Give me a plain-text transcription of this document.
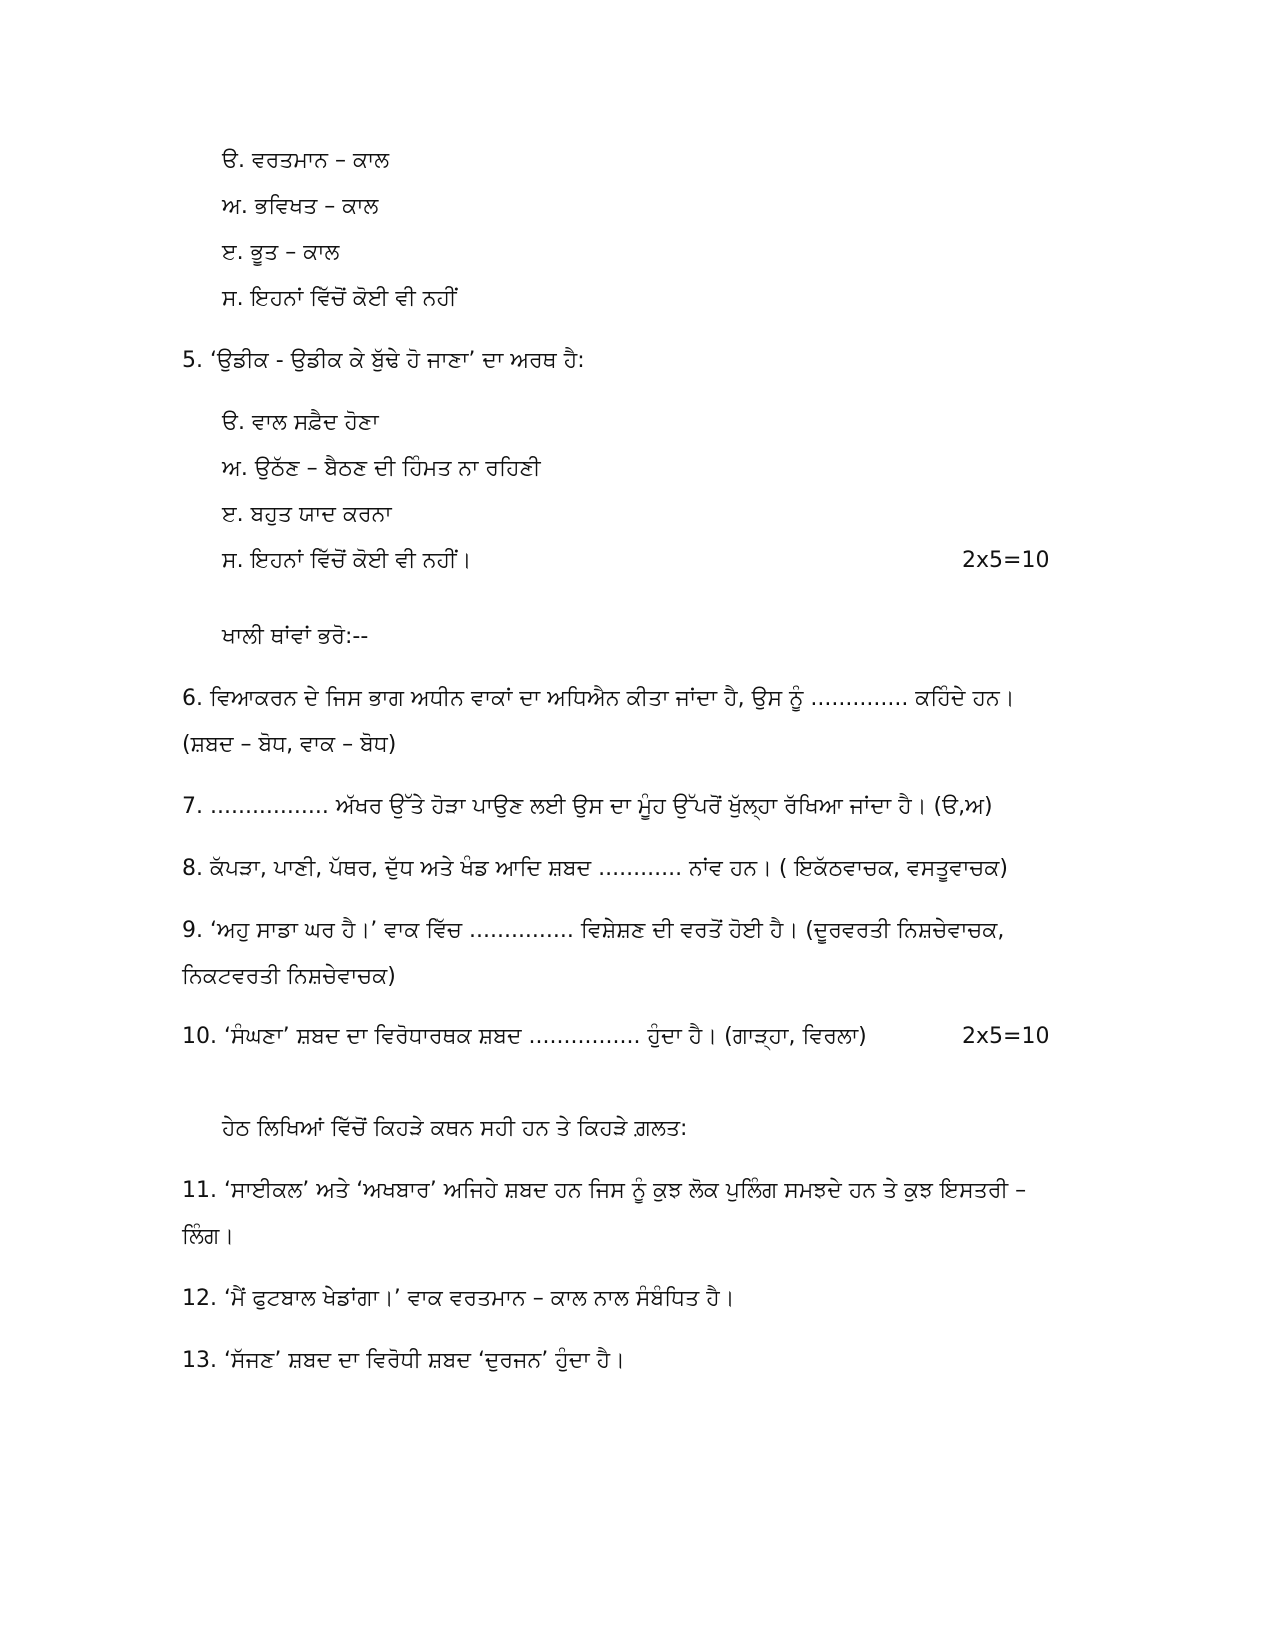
ੳ. ਵਰਤਮਾਨ – ਕਾਲ
ਅ. ਭਵਿਖਤ – ਕਾਲ
ੲ. ਭੂਤ – ਕਾਲ
ਸ. ਇਹਨਾਂ ਵਿੱਚੋਂ ਕੋਈ ਵੀ ਨਹੀਂ
5. ‘ਉਡੀਕ - ਉਡੀਕ ਕੇ ਬੁੱਢੇ ਹੋ ਜਾਣਾ’ ਦਾ ਅਰਥ ਹੈ:
ੳ. ਵਾਲ ਸਫ਼ੈਦ ਹੋਣਾ
ਅ. ਉਠੱਣ – ਬੈਠਣ ਦੀ ਹਿੰਮਤ ਨਾ ਰਹਿਣੀ
ੲ. ਬਹੁਤ ਯਾਦ ਕਰਨਾ
ਸ. ਇਹਨਾਂ ਵਿੱਚੋਂ ਕੋਈ ਵੀ ਨਹੀਂ।	2x5=10
ਖਾਲੀ ਥਾਂਵਾਂ ਭਰੋ:--
6. ਵਿਆਕਰਨ ਦੇ ਜਿਸ ਭਾਗ ਅਧੀਨ ਵਾਕਾਂ ਦਾ ਅਧਿਐਨ ਕੀਤਾ ਜਾਂਦਾ ਹੈ, ਉਸ ਨੂੰ .............. ਕਹਿੰਦੇ ਹਨ।
(ਸ਼ਬਦ – ਬੋਧ, ਵਾਕ – ਬੋਧ)
7. ................. ਅੱਖਰ ਉੱਤੇ ਹੋੜਾ ਪਾਉਣ ਲਈ ਉਸ ਦਾ ਮੂੰਹ ਉੱਪਰੋਂ ਖੁੱਲ੍ਹਾ ਰੱਖਿਆ ਜਾਂਦਾ ਹੈ। (ੳ,ਅ)
8. ਕੱਪੜਾ, ਪਾਣੀ, ਪੱਥਰ, ਦੁੱਧ ਅਤੇ ਖੰਡ ਆਦਿ ਸ਼ਬਦ ............ ਨਾਂਵ ਹਨ। ( ਇਕੱਠਵਾਚਕ, ਵਸਤੂਵਾਚਕ)
9. ‘ਅਹੁ ਸਾਡਾ ਘਰ ਹੈ।’ ਵਾਕ ਵਿੱਚ ............... ਵਿਸ਼ੇਸ਼ਣ ਦੀ ਵਰਤੋਂ ਹੋਈ ਹੈ। (ਦੂਰਵਰਤੀ ਨਿਸ਼ਚੇਵਾਚਕ,
ਨਿਕਟਵਰਤੀ ਨਿਸ਼ਚੇਵਾਚਕ)
10. ‘ਸੰਘਣਾ’ ਸ਼ਬਦ ਦਾ ਵਿਰੋਧਾਰਥਕ ਸ਼ਬਦ ................ ਹੁੰਦਾ ਹੈ। (ਗਾੜ੍ਹਾ, ਵਿਰਲਾ)	2x5=10
ਹੇਠ ਲਿਖਿਆਂ ਵਿੱਚੋਂ ਕਿਹੜੇ ਕਥਨ ਸਹੀ ਹਨ ਤੇ ਕਿਹੜੇ ਗ਼ਲਤ:
11. ‘ਸਾਈਕਲ’ ਅਤੇ ‘ਅਖਬਾਰ’ ਅਜਿਹੇ ਸ਼ਬਦ ਹਨ ਜਿਸ ਨੂੰ ਕੁਝ ਲੋਕ ਪੁਲਿੰਗ ਸਮਝਦੇ ਹਨ ਤੇ ਕੁਝ ਇਸਤਰੀ –
ਲਿੰਗ।
12. ‘ਮੈਂ ਫੁਟਬਾਲ ਖੇਡਾਂਗਾ।’ ਵਾਕ ਵਰਤਮਾਨ – ਕਾਲ ਨਾਲ ਸੰਬੰਧਿਤ ਹੈ।
13. ‘ਸੱਜਣ’ ਸ਼ਬਦ ਦਾ ਵਿਰੋਧੀ ਸ਼ਬਦ ‘ਦੁਰਜਨ’ ਹੁੰਦਾ ਹੈ।
